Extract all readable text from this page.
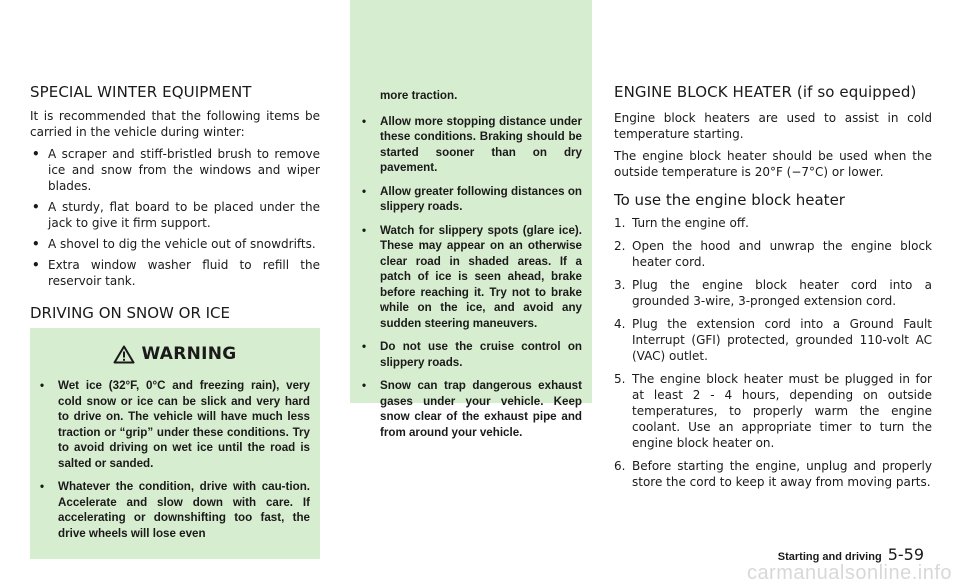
SPECIAL WINTER EQUIPMENT

It is recommended that the following items be carried in the vehicle during winter:

• A scraper and stiff-bristled brush to remove ice and snow from the windows and wiper blades.
• A sturdy, flat board to be placed under the jack to give it firm support.
• A shovel to dig the vehicle out of snowdrifts.
• Extra window washer fluid to refill the reservoir tank.
DRIVING ON SNOW OR ICE
WARNING
• Wet ice (32°F, 0°C and freezing rain), very cold snow or ice can be slick and very hard to drive on. The vehicle will have much less traction or “grip” under these conditions. Try to avoid driving on wet ice until the road is salted or sanded.
• Whatever the condition, drive with cau-tion. Accelerate and slow down with care. If accelerating or downshifting too fast, the drive wheels will lose even
more traction.
• Allow more stopping distance under these conditions. Braking should be started sooner than on dry pavement.
• Allow greater following distances on slippery roads.
• Watch for slippery spots (glare ice). These may appear on an otherwise clear road in shaded areas. If a patch of ice is seen ahead, brake before reaching it. Try not to brake while on the ice, and avoid any sudden steering maneuvers.
• Do not use the cruise control on slippery roads.
• Snow can trap dangerous exhaust gases under your vehicle. Keep snow clear of the exhaust pipe and from around your vehicle.
ENGINE BLOCK HEATER (if so equipped)

Engine block heaters are used to assist in cold temperature starting.

The engine block heater should be used when the outside temperature is 20°F (−7°C) or lower.

To use the engine block heater
1. Turn the engine off.
2. Open the hood and unwrap the engine block heater cord.
3. Plug the engine block heater cord into a grounded 3-wire, 3-pronged extension cord.
4. Plug the extension cord into a Ground Fault Interrupt (GFI) protected, grounded 110-volt AC (VAC) outlet.
5. The engine block heater must be plugged in for at least 2 - 4 hours, depending on outside temperatures, to properly warm the engine coolant. Use an appropriate timer to turn the engine block heater on.
6. Before starting the engine, unplug and properly store the cord to keep it away from moving parts.
Starting and driving 5-59
carmanualsonline.info
